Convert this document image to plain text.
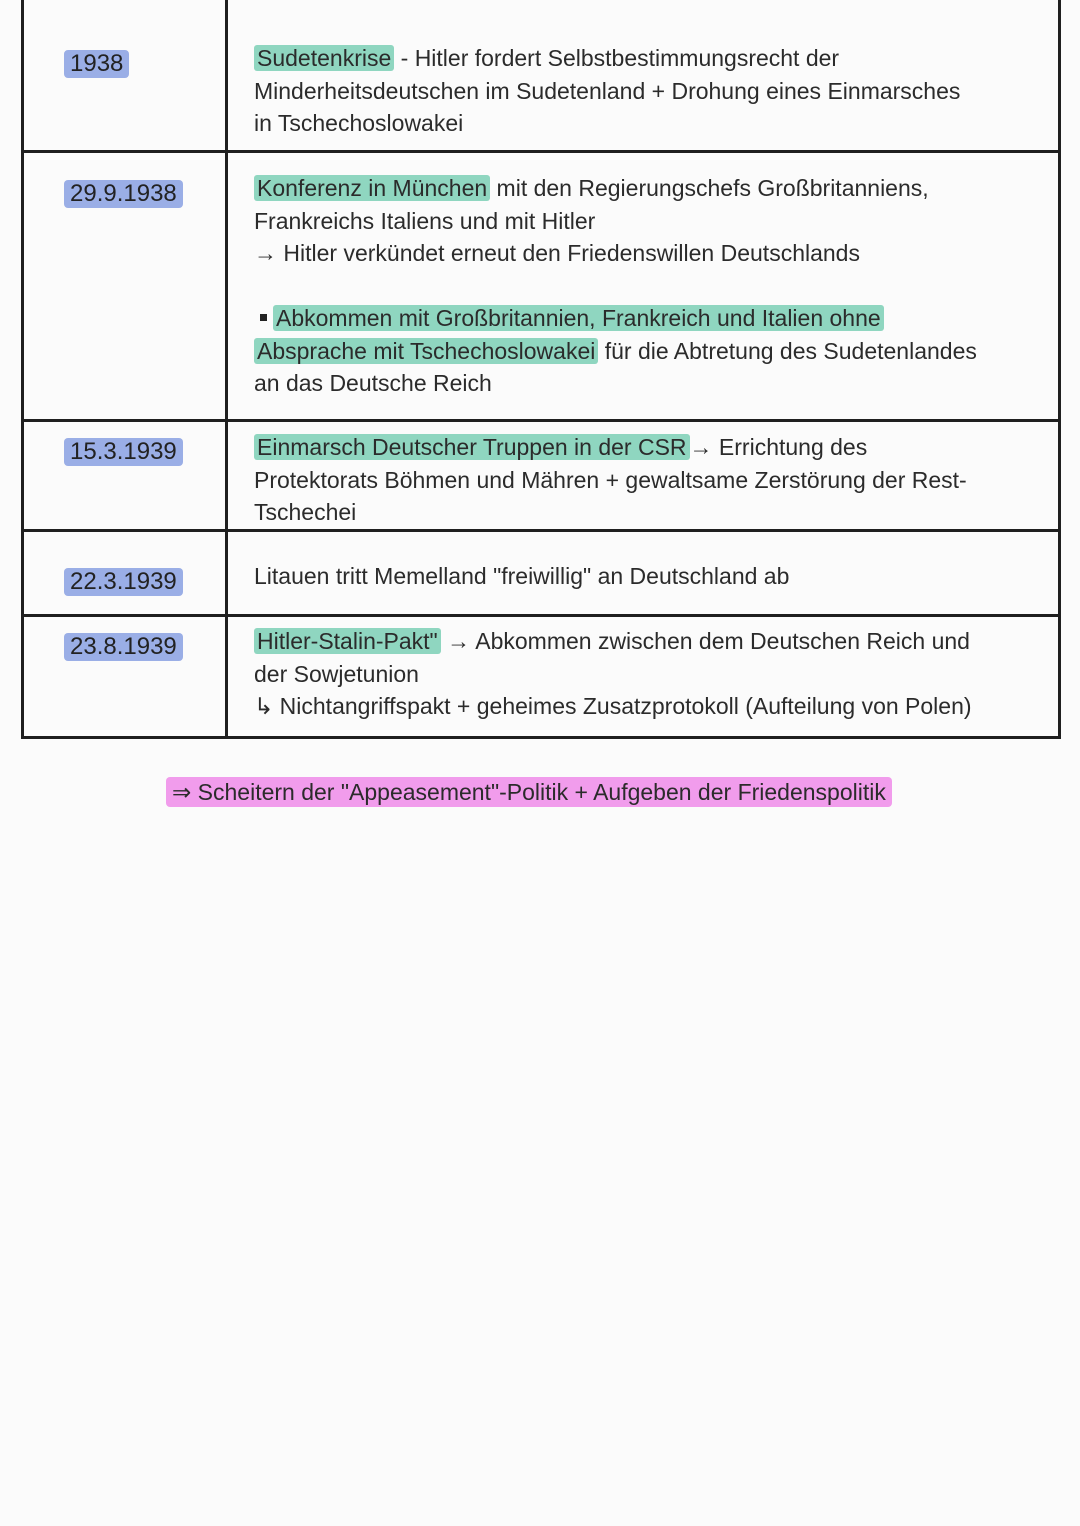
1938	Sudetenkrise - Hitler fordert Selbstbestimmungsrecht der

Minderheitsdeutschen im Sudetenland + Drohung eines Einmarsches

in Tschechoslowakei

29.9.1938	Konferenz in München mit den Regierungschefs Großbritanniens,

Frankreichs Italiens und mit Hitler

→ Hitler verkündet erneut den Friedenswillen Deutschlands

Abkommen mit Großbritannien, Frankreich und Italien ohne

Absprache mit Tschechoslowakei für die Abtretung des Sudetenlandes

an das Deutsche Reich

15.3.1939	Einmarsch Deutscher Truppen in der CSR → Errichtung des

Protektorats Böhmen und Mähren + gewaltsame Zerstörung der Rest-

Tschechei

22.3.1939	Litauen tritt Memelland "freiwillig" an Deutschland ab

23.8.1939	Hitler-Stalin-Pakt" → Abkommen zwischen dem Deutschen Reich und

der Sowjetunion

↳ Nichtangriffspakt + geheimes Zusatzprotokoll (Aufteilung von Polen)

⇒ Scheitern der "Appeasement"-Politik + Aufgeben der Friedenspolitik
